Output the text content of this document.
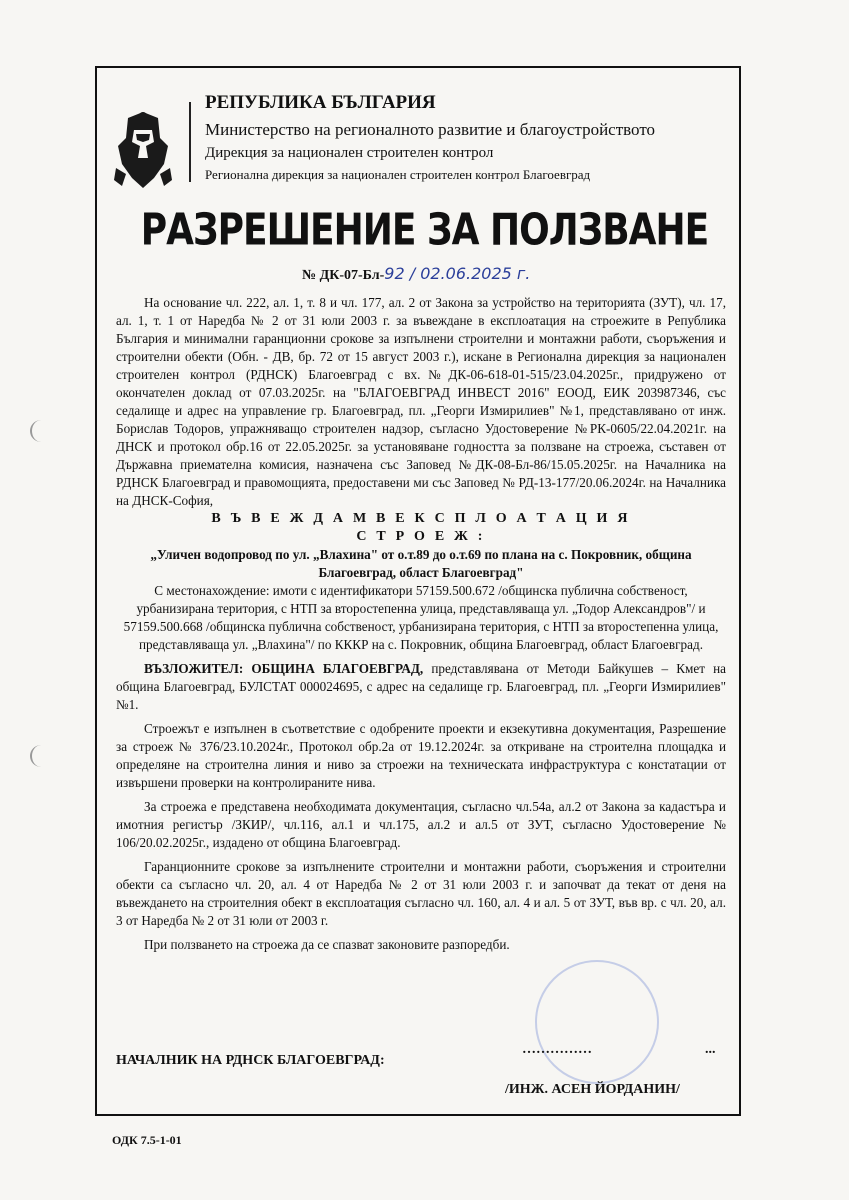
РЕПУБЛИКА БЪЛГАРИЯ
Министерство на регионалното развитие и благоустройството
Дирекция за национален строителен контрол
Регионална дирекция за национален строителен контрол Благоевград
РАЗРЕШЕНИЕ ЗА ПОЛЗВАНЕ
№ ДК-07-Бл-92 / 02.06.2025 г.

На основание чл. 222, ал. 1, т. 8 и чл. 177, ал. 2 от Закона за устройство на територията (ЗУТ), чл. 17, ал. 1, т. 1 от Наредба № 2 от 31 юли 2003 г. за въвеждане в експлоатация на строежите в Република България и минимални гаранционни срокове за изпълнени строителни и монтажни работи, съоръжения и строителни обекти (Обн. - ДВ, бр. 72 от 15 август 2003 г.), искане в Регионална дирекция за национален строителен контрол (РДНСК) Благоевград с вх.№ДК-06-618-01-515/23.04.2025г., придружено от окончателен доклад от 07.03.2025г. на "БЛАГОЕВГРАД ИНВЕСТ 2016" ЕООД, ЕИК 203987346, със седалище и адрес на управление гр. Благоевград, пл. „Георги Измирилиев" №1, представлявано от инж. Борислав Тодоров, упражняващо строителен надзор, съгласно Удостоверение №РК-0605/22.04.2021г. на ДНСК и протокол обр.16 от 22.05.2025г. за установяване годността за ползване на строежа, съставен от Държавна приемателна комисия, назначена със Заповед №ДК-08-Бл-86/15.05.2025г. на Началника на РДНСК Благоевград и правомощията, предоставени ми със Заповед № РД-13-177/20.06.2024г. на Началника на ДНСК-София,

В Ъ В Е Ж Д А М В Е К С П Л О А Т А Ц И Я

С Т Р О Е Ж :

„Уличен водопровод по ул. „Влахина" от о.т.89 до о.т.69 по плана на с. Покровник, община Благоевград, област Благоевград"

С местонахождение: имоти с идентификатори 57159.500.672 /общинска публична собственост, урбанизирана територия, с НТП за второстепенна улица, представляваща ул. „Тодор Александров"/ и 57159.500.668 /общинска публична собственост, урбанизирана територия, с НТП за второстепенна улица, представляваща ул. „Влахина"/ по КККР на с. Покровник, община Благоевград, област Благоевград.

ВЪЗЛОЖИТЕЛ: ОБЩИНА БЛАГОЕВГРАД, представлявана от Методи Байкушев – Кмет на община Благоевград, БУЛСТАТ 000024695, с адрес на седалище гр. Благоевград, пл. „Георги Измирилиев" №1.

Строежът е изпълнен в съответствие с одобрените проекти и екзекутивна документация, Разрешение за строеж № 376/23.10.2024г., Протокол обр.2а от 19.12.2024г. за откриване на строителна площадка и определяне на строителна линия и ниво за строежи на техническата инфраструктура с констатации от извършени проверки на контролираните нива.

За строежа е представена необходимата документация, съгласно чл.54а, ал.2 от Закона за кадастъра и имотния регистър /ЗКИР/, чл.116, ал.1 и чл.175, ал.2 и ал.5 от ЗУТ, съгласно Удостоверение № 106/20.02.2025г., издадено от община Благоевград.

Гаранционните срокове за изпълнените строителни и монтажни работи, съоръжения и строителни обекти са съгласно чл. 20, ал. 4 от Наредба № 2 от 31 юли 2003 г. и започват да текат от деня на въвеждането на строителния обект в експлоатация съгласно чл. 160, ал. 4 и ал. 5 от ЗУТ, във вр. с чл. 20, ал. 3 от Наредба № 2 от 31 юли от 2003 г.

При ползването на строежа да се спазват законовите разпоредби.

НАЧАЛНИК НА РДНСК БЛАГОЕВГРАД:
……………	...
/ИНЖ. АСЕН ЙОРДАНИН/
ОДК 7.5-1-01
